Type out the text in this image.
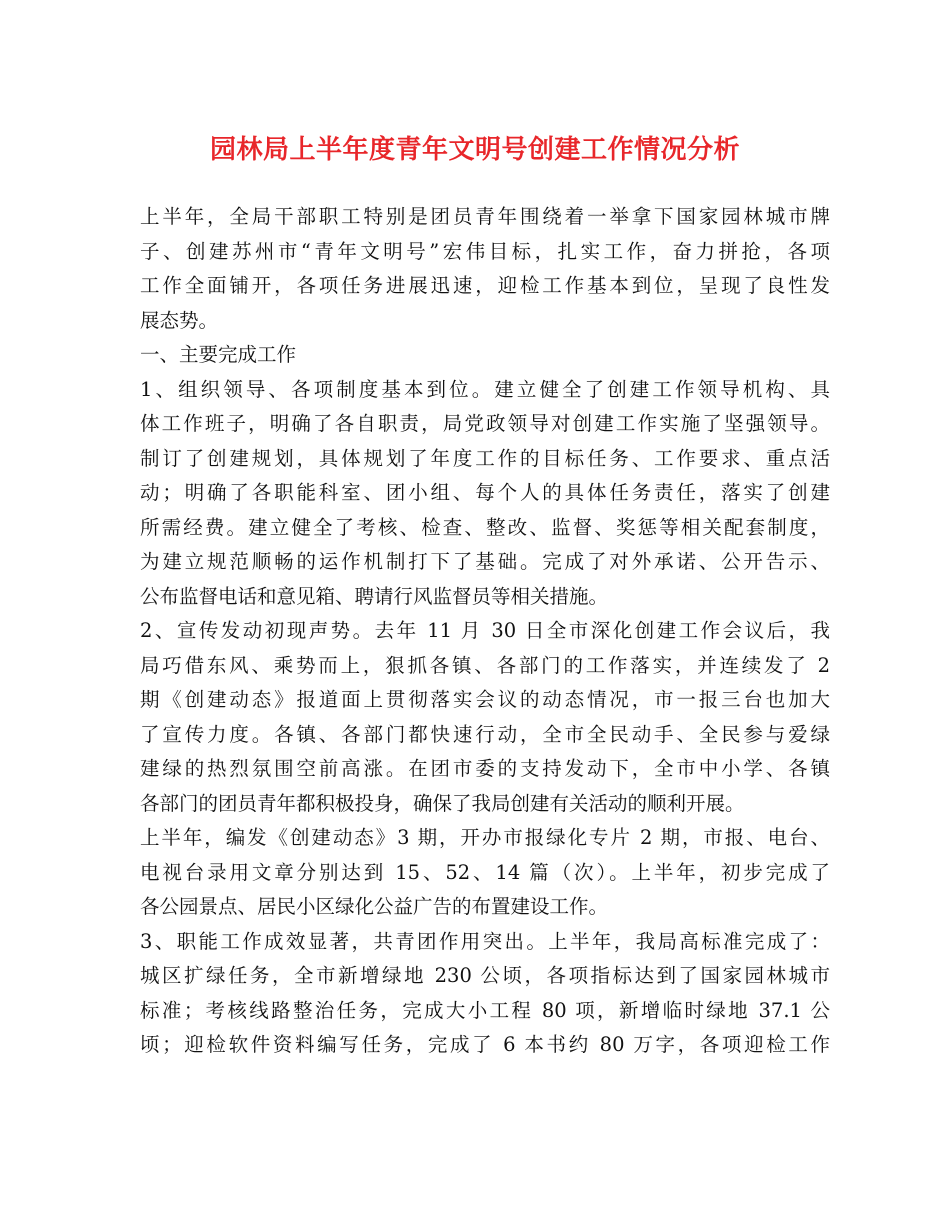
园林局上半年度青年文明号创建工作情况分析
上半年，全局干部职工特别是团员青年围绕着一举拿下国家园林城市牌
子、创建苏州市“青年文明号”宏伟目标，扎实工作，奋力拼抢，各项
工作全面铺开，各项任务进展迅速，迎检工作基本到位，呈现了良性发
展态势。
一、主要完成工作
1、组织领导、各项制度基本到位。建立健全了创建工作领导机构、具
体工作班子，明确了各自职责，局党政领导对创建工作实施了坚强领导。
制订了创建规划，具体规划了年度工作的目标任务、工作要求、重点活
动；明确了各职能科室、团小组、每个人的具体任务责任，落实了创建
所需经费。建立健全了考核、检查、整改、监督、奖惩等相关配套制度，
为建立规范顺畅的运作机制打下了基础。完成了对外承诺、公开告示、
公布监督电话和意见箱、聘请行风监督员等相关措施。
2、宣传发动初现声势。去年 11 月 30 日全市深化创建工作会议后，我
局巧借东风、乘势而上，狠抓各镇、各部门的工作落实，并连续发了 2
期《创建动态》报道面上贯彻落实会议的动态情况，市一报三台也加大
了宣传力度。各镇、各部门都快速行动，全市全民动手、全民参与爱绿
建绿的热烈氛围空前高涨。在团市委的支持发动下，全市中小学、各镇
各部门的团员青年都积极投身，确保了我局创建有关活动的顺利开展。
上半年，编发《创建动态》3 期，开办市报绿化专片 2 期，市报、电台、
电视台录用文章分别达到 15、52、14 篇（次）。上半年，初步完成了
各公园景点、居民小区绿化公益广告的布置建设工作。
3、职能工作成效显著，共青团作用突出。上半年，我局高标准完成了：
城区扩绿任务，全市新增绿地 230 公顷，各项指标达到了国家园林城市
标准；考核线路整治任务，完成大小工程 80 项，新增临时绿地 37.1 公
顷；迎检软件资料编写任务，完成了 6 本书约 80 万字，各项迎检工作
